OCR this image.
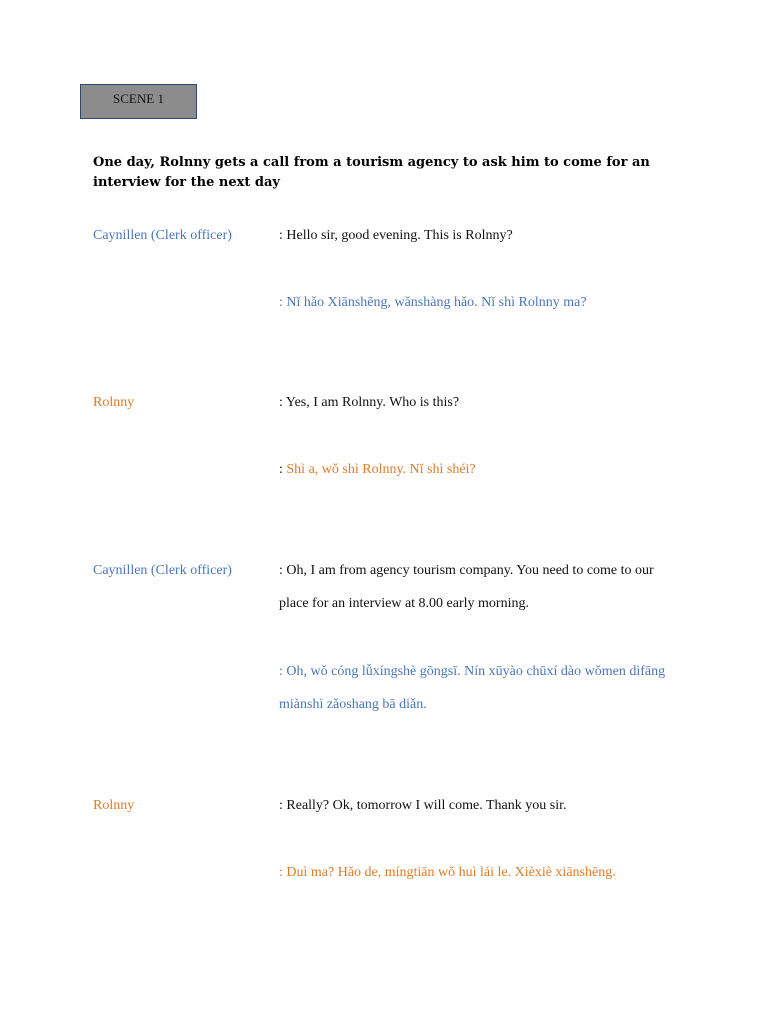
SCENE 1
One day, Rolnny gets a call from a tourism agency to ask him to come for an interview for the next day
Caynillen (Clerk officer)	: Hello sir, good evening. This is Rolnny?
: Nǐ hǎo Xiānshēng, wǎnshàng hǎo. Nǐ shì Rolnny ma?
Rolnny	: Yes, I am Rolnny. Who is this?
: Shì a, wǒ shì Rolnny. Nǐ shì shéi?
Caynillen (Clerk officer)	: Oh, I am from agency tourism company. You need to come to our place for an interview at 8.00 early morning.
: Oh, wǒ cóng lǚxíngshè gōngsī. Nín xūyào chūxí dào wǒmen dìfāng miànshì zǎoshang bā diǎn.
Rolnny	: Really? Ok, tomorrow I will come. Thank you sir.
: Duì ma? Hǎo de, míngtiān wǒ huì lái le. Xièxiè xiānshēng.
